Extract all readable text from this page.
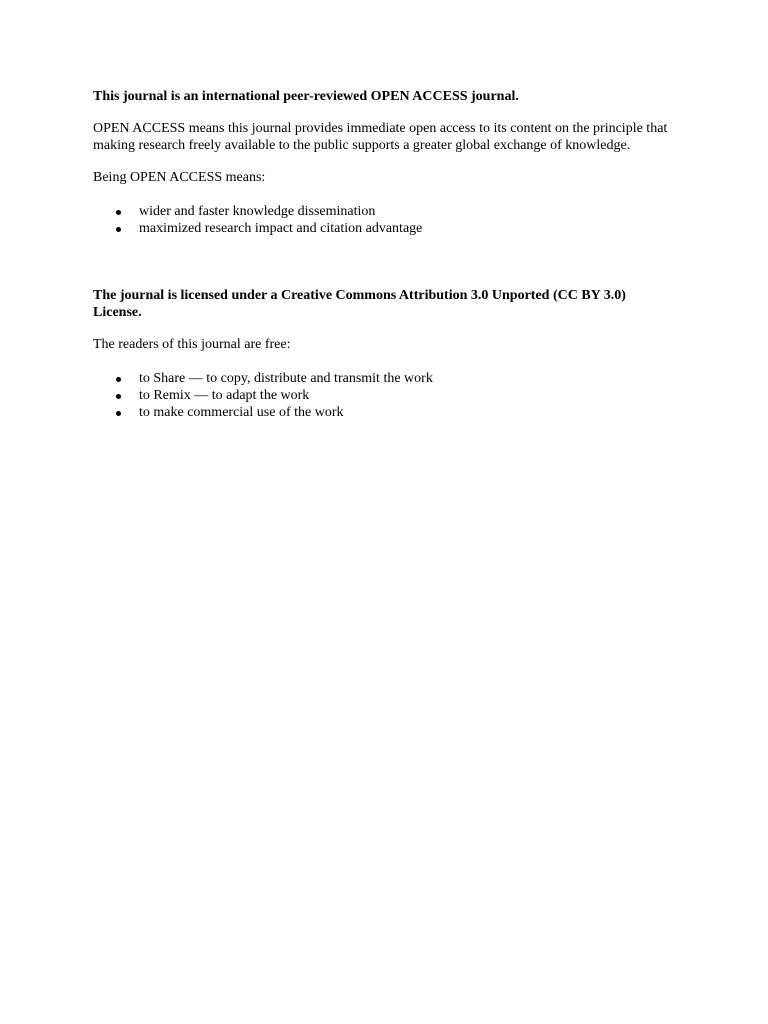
This journal is an international peer-reviewed OPEN ACCESS journal.

OPEN ACCESS means this journal provides immediate open access to its content on the principle that making research freely available to the public supports a greater global exchange of knowledge.

Being OPEN ACCESS means:

wider and faster knowledge dissemination
maximized research impact and citation advantage

The journal is licensed under a Creative Commons Attribution 3.0 Unported (CC BY 3.0) License.

The readers of this journal are free:

to Share — to copy, distribute and transmit the work
to Remix — to adapt the work
to make commercial use of the work
